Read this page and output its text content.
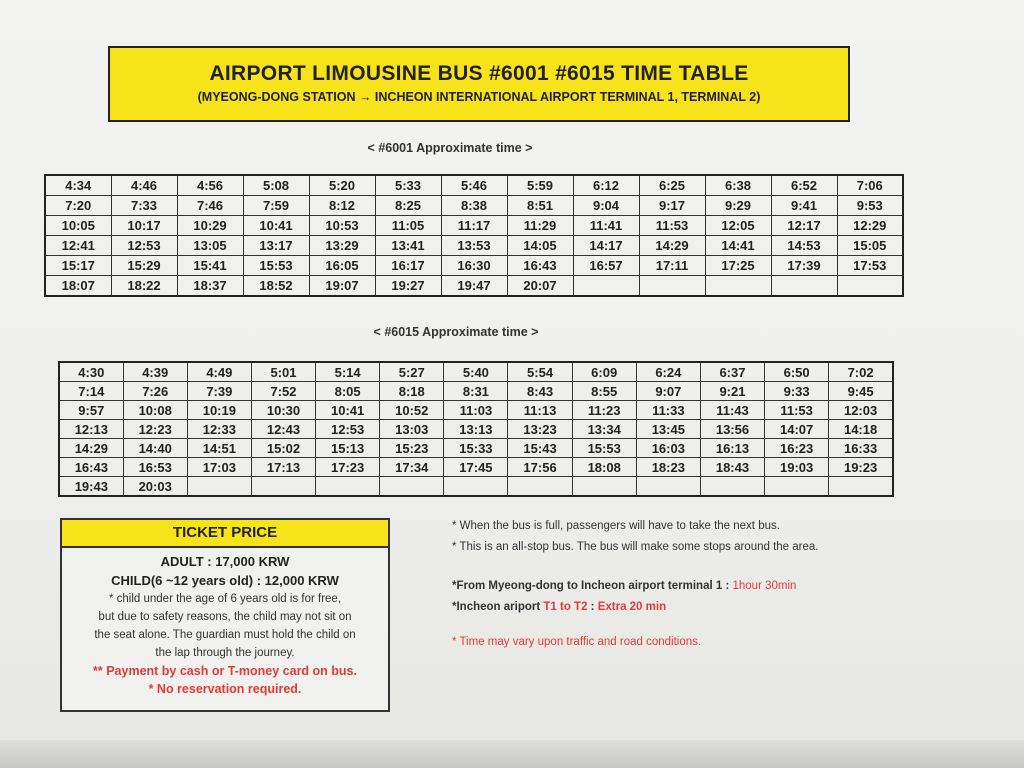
AIRPORT LIMOUSINE BUS #6001 #6015 TIME TABLE
(MYEONG-DONG STATION → INCHEON INTERNATIONAL AIRPORT TERMINAL 1, TERMINAL 2)
< #6001 Approximate time >
4:34	4:46	4:56	5:08	5:20	5:33	5:46	5:59	6:12	6:25	6:38	6:52	7:06
7:20	7:33	7:46	7:59	8:12	8:25	8:38	8:51	9:04	9:17	9:29	9:41	9:53
10:05	10:17	10:29	10:41	10:53	11:05	11:17	11:29	11:41	11:53	12:05	12:17	12:29
12:41	12:53	13:05	13:17	13:29	13:41	13:53	14:05	14:17	14:29	14:41	14:53	15:05
15:17	15:29	15:41	15:53	16:05	16:17	16:30	16:43	16:57	17:11	17:25	17:39	17:53
18:07	18:22	18:37	18:52	19:07	19:27	19:47	20:07					
< #6015 Approximate time >
4:30	4:39	4:49	5:01	5:14	5:27	5:40	5:54	6:09	6:24	6:37	6:50	7:02
7:14	7:26	7:39	7:52	8:05	8:18	8:31	8:43	8:55	9:07	9:21	9:33	9:45
9:57	10:08	10:19	10:30	10:41	10:52	11:03	11:13	11:23	11:33	11:43	11:53	12:03
12:13	12:23	12:33	12:43	12:53	13:03	13:13	13:23	13:34	13:45	13:56	14:07	14:18
14:29	14:40	14:51	15:02	15:13	15:23	15:33	15:43	15:53	16:03	16:13	16:23	16:33
16:43	16:53	17:03	17:13	17:23	17:34	17:45	17:56	18:08	18:23	18:43	19:03	19:23
19:43	20:03											
TICKET PRICE
ADULT : 17,000 KRW
CHILD(6 ~12 years old) : 12,000 KRW
* child under the age of 6 years old is for free,
but due to safety reasons, the child may not sit on
the seat alone. The guardian must hold the child on
the lap through the journey.
** Payment by cash or T-money card on bus.
* No reservation required.
* When the bus is full, passengers will have to take the next bus.
* This is an all-stop bus. The bus will make some stops around the area.
*From Myeong-dong to Incheon airport terminal 1 : 1hour 30min
*Incheon ariport T1 to T2 : Extra 20 min
* Time may vary upon traffic and road conditions.
